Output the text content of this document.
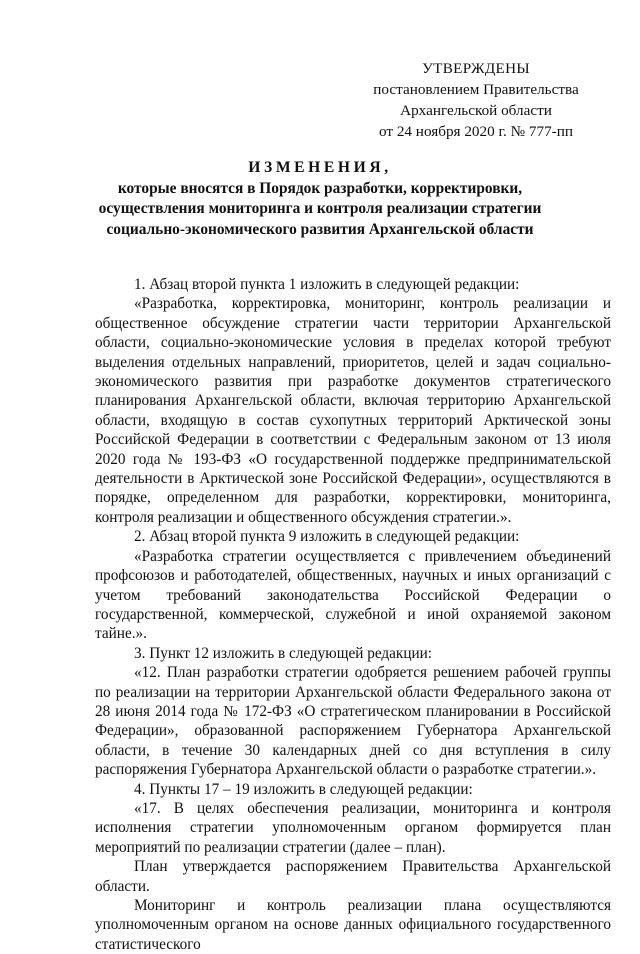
УТВЕРЖДЕНЫ
постановлением Правительства
Архангельской области
от 24 ноября 2020 г. № 777-пп
ИЗМЕНЕНИЯ,
которые вносятся в Порядок разработки, корректировки,
осуществления мониторинга и контроля реализации стратегии
социально-экономического развития Архангельской области

1. Абзац второй пункта 1 изложить в следующей редакции:

«Разработка, корректировка, мониторинг, контроль реализации и общественное обсуждение стратегии части территории Архангельской области, социально-экономические условия в пределах которой требуют выделения отдельных направлений, приоритетов, целей и задач социально-экономического развития при разработке документов стратегического планирования Архангельской области, включая территорию Архангельской области, входящую в состав сухопутных территорий Арктической зоны Российской Федерации в соответствии с Федеральным законом от 13 июля 2020 года № 193-ФЗ «О государственной поддержке предпринимательской деятельности в Арктической зоне Российской Федерации», осуществляются в порядке, определенном для разработки, корректировки, мониторинга, контроля реализации и общественного обсуждения стратегии.».

2. Абзац второй пункта 9 изложить в следующей редакции:

«Разработка стратегии осуществляется с привлечением объединений профсоюзов и работодателей, общественных, научных и иных организаций с учетом требований законодательства Российской Федерации о государственной, коммерческой, служебной и иной охраняемой законом тайне.».

3. Пункт 12 изложить в следующей редакции:

«12. План разработки стратегии одобряется решением рабочей группы по реализации на территории Архангельской области Федерального закона от 28 июня 2014 года № 172-ФЗ «О стратегическом планировании в Российской Федерации», образованной распоряжением Губернатора Архангельской области, в течение 30 календарных дней со дня вступления в силу распоряжения Губернатора Архангельской области о разработке стратегии.».

4. Пункты 17 – 19 изложить в следующей редакции:

«17. В целях обеспечения реализации, мониторинга и контроля исполнения стратегии уполномоченным органом формируется план мероприятий по реализации стратегии (далее – план).

План утверждается распоряжением Правительства Архангельской области.

Мониторинг и контроль реализации плана осуществляются уполномоченным органом на основе данных официального государственного статистического
